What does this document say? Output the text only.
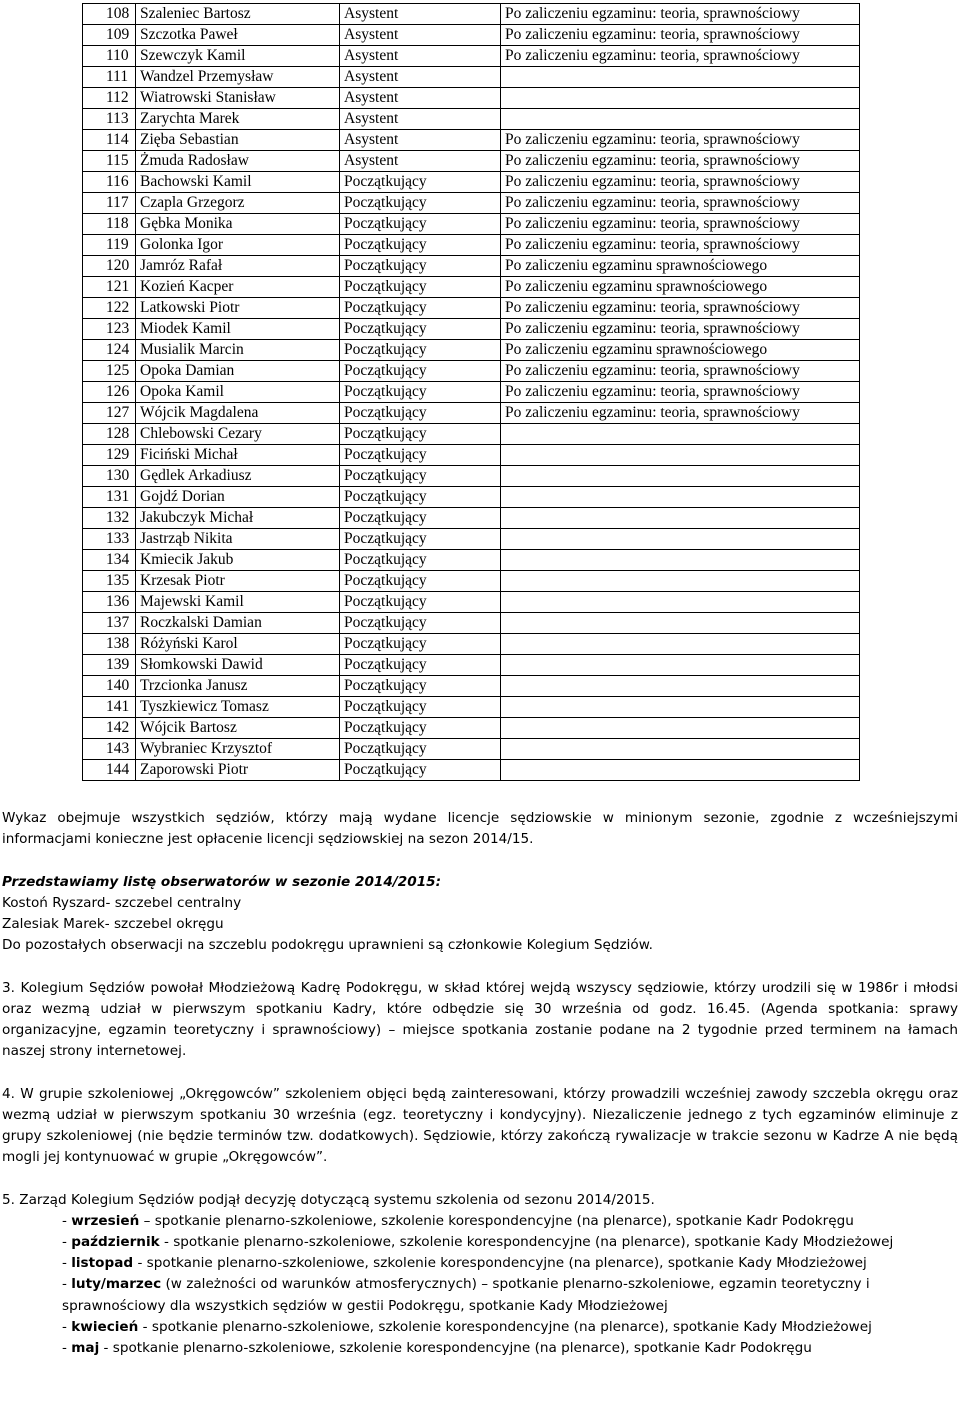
108	Szaleniec Bartosz	Asystent	Po zaliczeniu egzaminu: teoria, sprawnościowy
109	Szczotka Paweł	Asystent	Po zaliczeniu egzaminu: teoria, sprawnościowy
110	Szewczyk Kamil	Asystent	Po zaliczeniu egzaminu: teoria, sprawnościowy
111	Wandzel Przemysław	Asystent	
112	Wiatrowski Stanisław	Asystent	
113	Zarychta Marek	Asystent	
114	Zięba Sebastian	Asystent	Po zaliczeniu egzaminu: teoria, sprawnościowy
115	Żmuda Radosław	Asystent	Po zaliczeniu egzaminu: teoria, sprawnościowy
116	Bachowski Kamil	Początkujący	Po zaliczeniu egzaminu: teoria, sprawnościowy
117	Czapla Grzegorz	Początkujący	Po zaliczeniu egzaminu: teoria, sprawnościowy
118	Gębka Monika	Początkujący	Po zaliczeniu egzaminu: teoria, sprawnościowy
119	Golonka Igor	Początkujący	Po zaliczeniu egzaminu: teoria, sprawnościowy
120	Jamróz Rafał	Początkujący	Po zaliczeniu egzaminu sprawnościowego
121	Kozień Kacper	Początkujący	Po zaliczeniu egzaminu sprawnościowego
122	Latkowski Piotr	Początkujący	Po zaliczeniu egzaminu: teoria, sprawnościowy
123	Miodek Kamil	Początkujący	Po zaliczeniu egzaminu: teoria, sprawnościowy
124	Musialik Marcin	Początkujący	Po zaliczeniu egzaminu sprawnościowego
125	Opoka Damian	Początkujący	Po zaliczeniu egzaminu: teoria, sprawnościowy
126	Opoka Kamil	Początkujący	Po zaliczeniu egzaminu: teoria, sprawnościowy
127	Wójcik Magdalena	Początkujący	Po zaliczeniu egzaminu: teoria, sprawnościowy
128	Chlebowski Cezary	Początkujący	
129	Ficiński Michał	Początkujący	
130	Gędlek Arkadiusz	Początkujący	
131	Gojdź Dorian	Początkujący	
132	Jakubczyk Michał	Początkujący	
133	Jastrząb Nikita	Początkujący	
134	Kmiecik Jakub	Początkujący	
135	Krzesak Piotr	Początkujący	
136	Majewski Kamil	Początkujący	
137	Roczkalski Damian	Początkujący	
138	Różyński Karol	Początkujący	
139	Słomkowski Dawid	Początkujący	
140	Trzcionka Janusz	Początkujący	
141	Tyszkiewicz Tomasz	Początkujący	
142	Wójcik Bartosz	Początkujący	
143	Wybraniec Krzysztof	Początkujący	
144	Zaporowski Piotr	Początkujący	

Wykaz obejmuje wszystkich sędziów, którzy mają wydane licencje sędziowskie w minionym sezonie, zgodnie z wcześniejszymi informacjami konieczne jest opłacenie licencji sędziowskiej na sezon 2014/15.

Przedstawiamy listę obserwatorów w sezonie 2014/2015:

Kostoń Ryszard- szczebel centralny

Zalesiak Marek- szczebel okręgu

Do pozostałych obserwacji na szczeblu podokręgu uprawnieni są członkowie Kolegium Sędziów.

3. Kolegium Sędziów powołał Młodzieżową Kadrę Podokręgu, w skład której wejdą wszyscy sędziowie, którzy urodzili się w 1986r i młodsi oraz wezmą udział w pierwszym spotkaniu Kadry, które odbędzie się 30 września od godz. 16.45. (Agenda spotkania: sprawy organizacyjne, egzamin teoretyczny i sprawnościowy) – miejsce spotkania zostanie podane na 2 tygodnie przed terminem na łamach naszej strony internetowej.

4. W grupie szkoleniowej „Okręgowców” szkoleniem objęci będą zainteresowani, którzy prowadzili wcześniej zawody szczebla okręgu oraz wezmą udział w pierwszym spotkaniu 30 września (egz. teoretyczny i kondycyjny). Niezaliczenie jednego z tych egzaminów eliminuje z grupy szkoleniowej (nie będzie terminów tzw. dodatkowych). Sędziowie, którzy zakończą rywalizacje w trakcie sezonu w Kadrze A nie będą mogli jej kontynuować w grupie „Okręgowców”.

5. Zarząd Kolegium Sędziów podjął decyzję dotyczącą systemu szkolenia od sezonu 2014/2015.

- wrzesień – spotkanie plenarno-szkoleniowe, szkolenie korespondencyjne (na plenarce), spotkanie Kadr Podokręgu

- październik - spotkanie plenarno-szkoleniowe, szkolenie korespondencyjne (na plenarce), spotkanie Kady Młodzieżowej

- listopad - spotkanie plenarno-szkoleniowe, szkolenie korespondencyjne (na plenarce), spotkanie Kady Młodzieżowej

- luty/marzec (w zależności od warunków atmosferycznych) – spotkanie plenarno-szkoleniowe, egzamin teoretyczny i sprawnościowy dla wszystkich sędziów w gestii Podokręgu, spotkanie Kady Młodzieżowej

- kwiecień - spotkanie plenarno-szkoleniowe, szkolenie korespondencyjne (na plenarce), spotkanie Kady Młodzieżowej

- maj - spotkanie plenarno-szkoleniowe, szkolenie korespondencyjne (na plenarce), spotkanie Kadr Podokręgu
